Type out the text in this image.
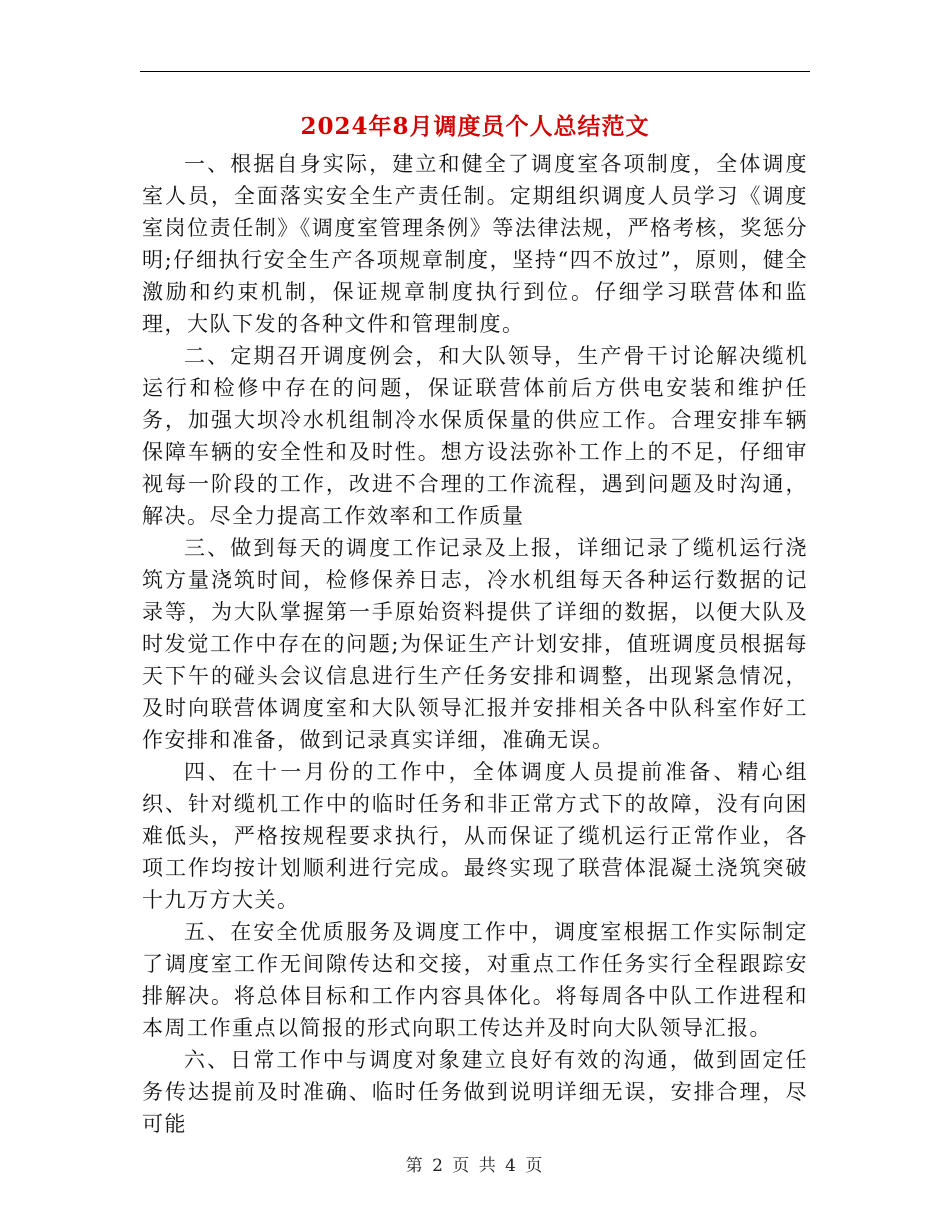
2024年8月调度员个人总结范文

一、根据自身实际，建立和健全了调度室各项制度，全体调度室人员，全面落实安全生产责任制。定期组织调度人员学习《调度室岗位责任制》《调度室管理条例》等法律法规，严格考核，奖惩分明;仔细执行安全生产各项规章制度，坚持“四不放过”，原则，健全激励和约束机制，保证规章制度执行到位。仔细学习联营体和监理，大队下发的各种文件和管理制度。

二、定期召开调度例会，和大队领导，生产骨干讨论解决缆机运行和检修中存在的问题，保证联营体前后方供电安装和维护任务，加强大坝冷水机组制冷水保质保量的供应工作。合理安排车辆保障车辆的安全性和及时性。想方设法弥补工作上的不足，仔细审视每一阶段的工作，改进不合理的工作流程，遇到问题及时沟通，解决。尽全力提高工作效率和工作质量

三、做到每天的调度工作记录及上报，详细记录了缆机运行浇筑方量浇筑时间，检修保养日志，冷水机组每天各种运行数据的记录等，为大队掌握第一手原始资料提供了详细的数据，以便大队及时发觉工作中存在的问题;为保证生产计划安排，值班调度员根据每天下午的碰头会议信息进行生产任务安排和调整，出现紧急情况，及时向联营体调度室和大队领导汇报并安排相关各中队科室作好工作安排和准备，做到记录真实详细，准确无误。

四、在十一月份的工作中，全体调度人员提前准备、精心组织、针对缆机工作中的临时任务和非正常方式下的故障，没有向困难低头，严格按规程要求执行，从而保证了缆机运行正常作业，各项工作均按计划顺利进行完成。最终实现了联营体混凝土浇筑突破十九万方大关。

五、在安全优质服务及调度工作中，调度室根据工作实际制定了调度室工作无间隙传达和交接，对重点工作任务实行全程跟踪安排解决。将总体目标和工作内容具体化。将每周各中队工作进程和本周工作重点以简报的形式向职工传达并及时向大队领导汇报。

六、日常工作中与调度对象建立良好有效的沟通，做到固定任务传达提前及时准确、临时任务做到说明详细无误，安排合理，尽可能

第 2 页 共 4 页
